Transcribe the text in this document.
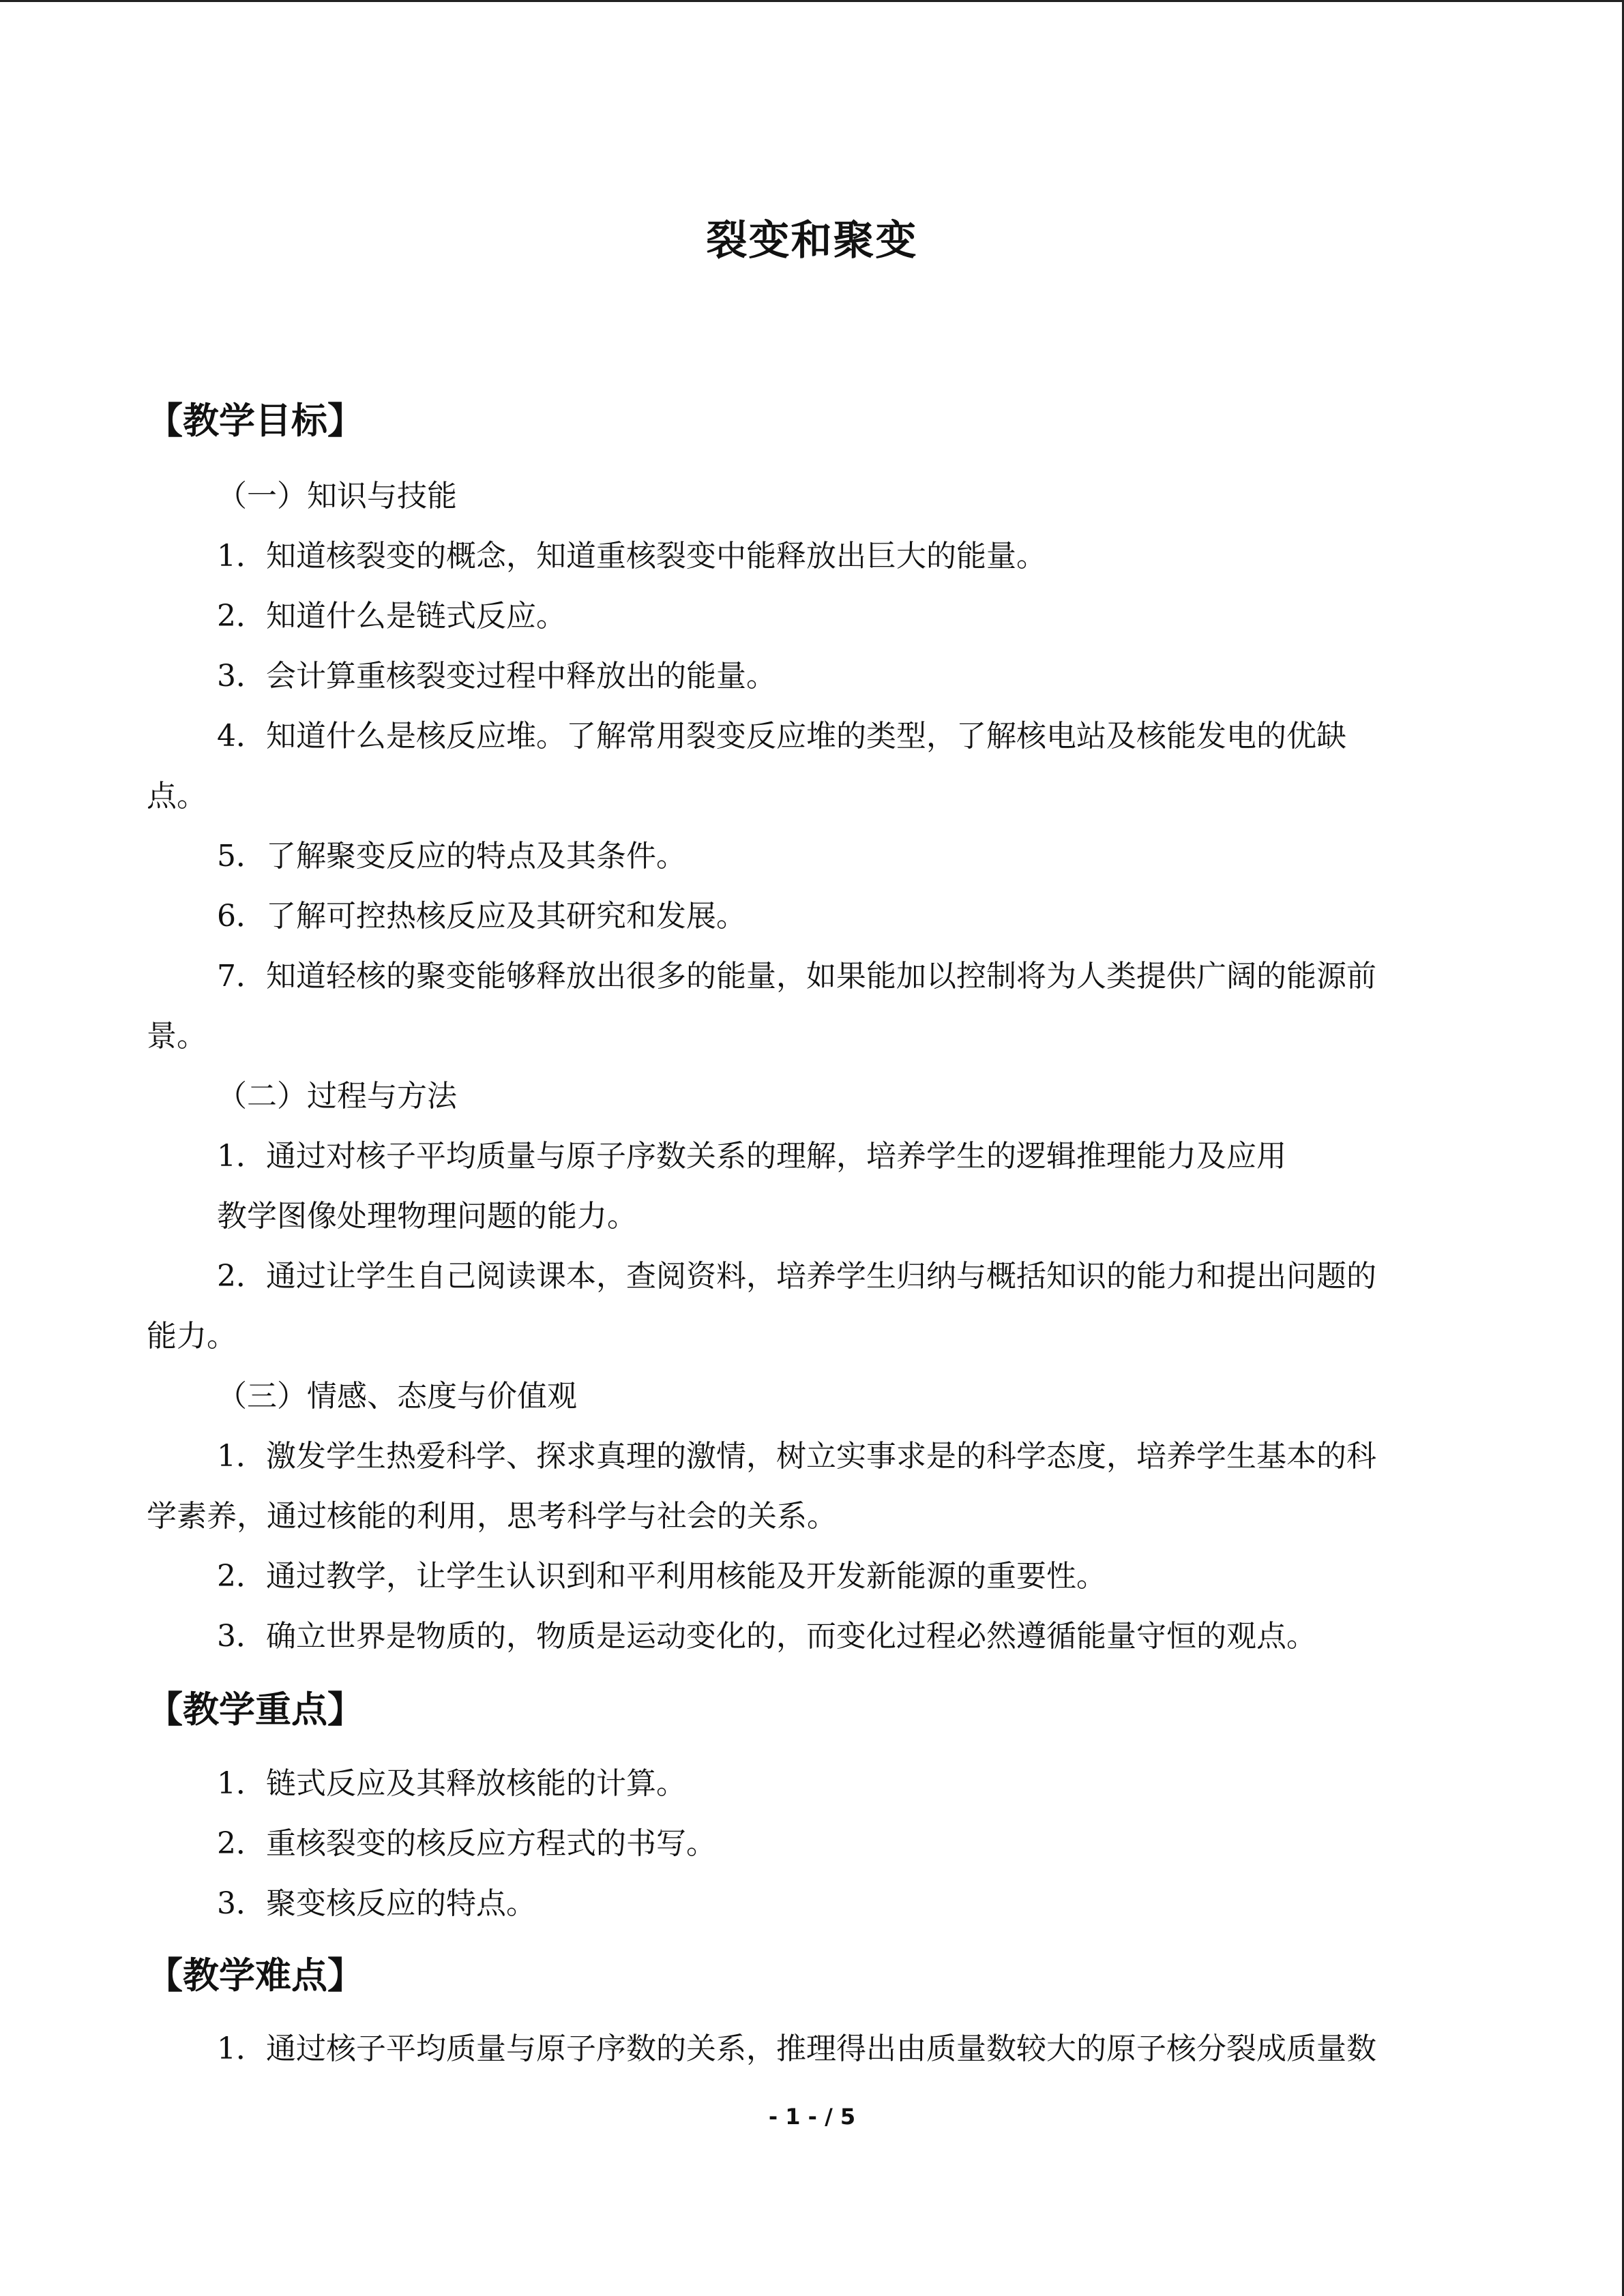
裂变和聚变
【教学目标】
（一）知识与技能
1．知道核裂变的概念，知道重核裂变中能释放出巨大的能量。
2．知道什么是链式反应。
3．会计算重核裂变过程中释放出的能量。
4．知道什么是核反应堆。了解常用裂变反应堆的类型，了解核电站及核能发电的优缺
点。
5．了解聚变反应的特点及其条件。
6．了解可控热核反应及其研究和发展。
7．知道轻核的聚变能够释放出很多的能量，如果能加以控制将为人类提供广阔的能源前
景。
（二）过程与方法
1．通过对核子平均质量与原子序数关系的理解，培养学生的逻辑推理能力及应用
教学图像处理物理问题的能力。
2．通过让学生自己阅读课本，查阅资料，培养学生归纳与概括知识的能力和提出问题的
能力。
（三）情感、态度与价值观
1．激发学生热爱科学、探求真理的激情，树立实事求是的科学态度，培养学生基本的科
学素养，通过核能的利用，思考科学与社会的关系。
2．通过教学，让学生认识到和平利用核能及开发新能源的重要性。
3．确立世界是物质的，物质是运动变化的，而变化过程必然遵循能量守恒的观点。
【教学重点】
1．链式反应及其释放核能的计算。
2．重核裂变的核反应方程式的书写。
3．聚变核反应的特点。
【教学难点】
1．通过核子平均质量与原子序数的关系，推理得出由质量数较大的原子核分裂成质量数
- 1 - / 5
